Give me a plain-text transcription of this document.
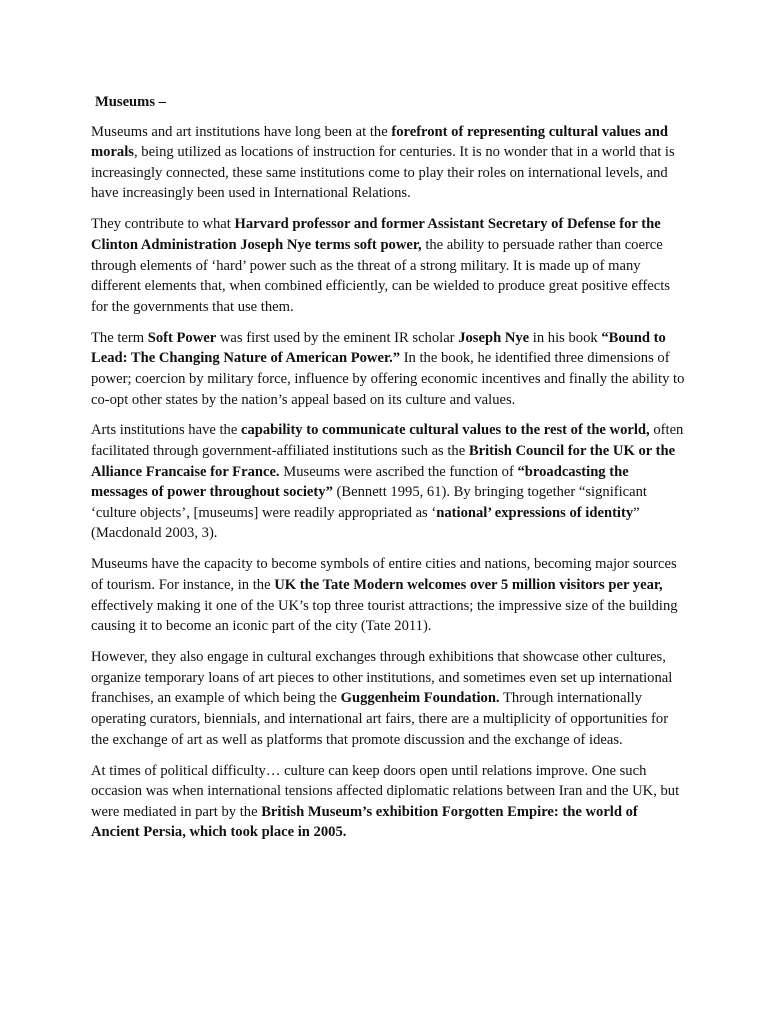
Museums –

Museums and art institutions have long been at the forefront of representing cultural values and morals, being utilized as locations of instruction for centuries. It is no wonder that in a world that is increasingly connected, these same institutions come to play their roles on international levels, and have increasingly been used in International Relations.

They contribute to what Harvard professor and former Assistant Secretary of Defense for the Clinton Administration Joseph Nye terms soft power, the ability to persuade rather than coerce through elements of ‘hard’ power such as the threat of a strong military. It is made up of many different elements that, when combined efficiently, can be wielded to produce great positive effects for the governments that use them.

The term Soft Power was first used by the eminent IR scholar Joseph Nye in his book “Bound to Lead: The Changing Nature of American Power.” In the book, he identified three dimensions of power; coercion by military force, influence by offering economic incentives and finally the ability to co-opt other states by the nation’s appeal based on its culture and values.

Arts institutions have the capability to communicate cultural values to the rest of the world, often facilitated through government-affiliated institutions such as the British Council for the UK or the Alliance Francaise for France. Museums were ascribed the function of “broadcasting the messages of power throughout society” (Bennett 1995, 61). By bringing together “significant ‘culture objects’, [museums] were readily appropriated as ‘national’ expressions of identity” (Macdonald 2003, 3).

Museums have the capacity to become symbols of entire cities and nations, becoming major sources of tourism. For instance, in the UK the Tate Modern welcomes over 5 million visitors per year, effectively making it one of the UK’s top three tourist attractions; the impressive size of the building causing it to become an iconic part of the city (Tate 2011).

However, they also engage in cultural exchanges through exhibitions that showcase other cultures, organize temporary loans of art pieces to other institutions, and sometimes even set up international franchises, an example of which being the Guggenheim Foundation. Through internationally operating curators, biennials, and international art fairs, there are a multiplicity of opportunities for the exchange of art as well as platforms that promote discussion and the exchange of ideas.

At times of political difficulty… culture can keep doors open until relations improve. One such occasion was when international tensions affected diplomatic relations between Iran and the UK, but were mediated in part by the British Museum’s exhibition Forgotten Empire: the world of Ancient Persia, which took place in 2005.
